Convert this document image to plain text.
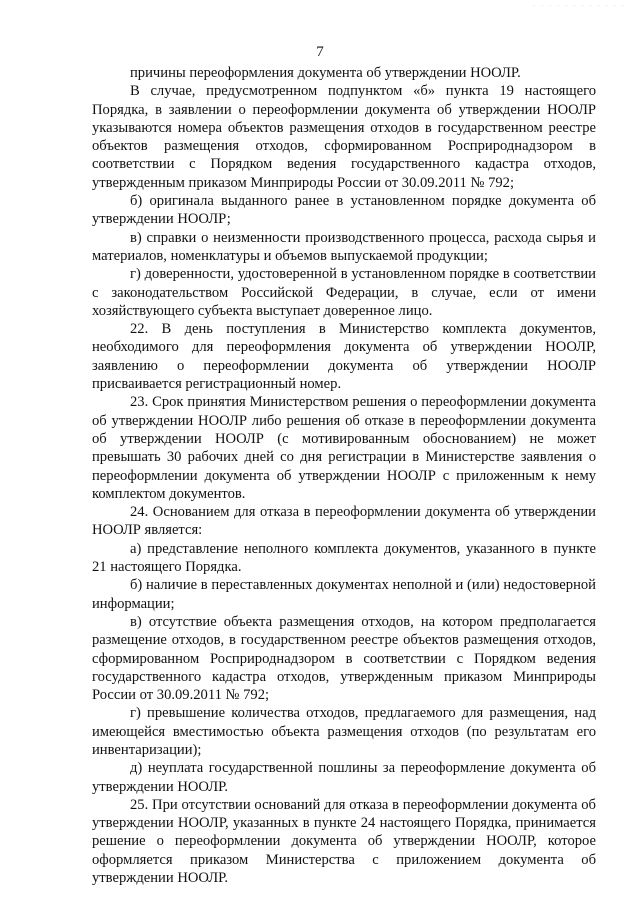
· · · · · · · · · · · ·
7

причины переоформления документа об утверждении НООЛР.

В случае, предусмотренном подпунктом «б» пункта 19 настоящего Порядка, в заявлении о переоформлении документа об утверждении НООЛР указываются номера объектов размещения отходов в государственном реестре объектов размещения отходов, сформированном Росприроднадзором в соответствии с Порядком ведения государственного кадастра отходов, утвержденным приказом Минприроды России от 30.09.2011 № 792;

б) оригинала выданного ранее в установленном порядке документа об утверждении НООЛР;

в) справки о неизменности производственного процесса, расхода сырья и материалов, номенклатуры и объемов выпускаемой продукции;

г) доверенности, удостоверенной в установленном порядке в соответствии с законодательством Российской Федерации, в случае, если от имени хозяйствующего субъекта выступает доверенное лицо.

22. В день поступления в Министерство комплекта документов, необходимого для переоформления документа об утверждении НООЛР, заявлению о переоформлении документа об утверждении НООЛР присваивается регистрационный номер.

23. Срок принятия Министерством решения о переоформлении документа об утверждении НООЛР либо решения об отказе в переоформлении документа об утверждении НООЛР (с мотивированным обоснованием) не может превышать 30 рабочих дней со дня регистрации в Министерстве заявления о переоформлении документа об утверждении НООЛР с приложенным к нему комплектом документов.

24. Основанием для отказа в переоформлении документа об утверждении НООЛР является:

а) представление неполного комплекта документов, указанного в пункте 21 настоящего Порядка.

б) наличие в переставленных документах неполной и (или) недостоверной информации;

в) отсутствие объекта размещения отходов, на котором предполагается размещение отходов, в государственном реестре объектов размещения отходов, сформированном Росприроднадзором в соответствии с Порядком ведения государственного кадастра отходов, утвержденным приказом Минприроды России от 30.09.2011 № 792;

г) превышение количества отходов, предлагаемого для размещения, над имеющейся вместимостью объекта размещения отходов (по результатам его инвентаризации);

д) неуплата государственной пошлины за переоформление документа об утверждении НООЛР.

25. При отсутствии оснований для отказа в переоформлении документа об утверждении НООЛР, указанных в пункте 24 настоящего Порядка, принимается решение о переоформлении документа об утверждении НООЛР, которое оформляется приказом Министерства с приложением документа об утверждении НООЛР.
